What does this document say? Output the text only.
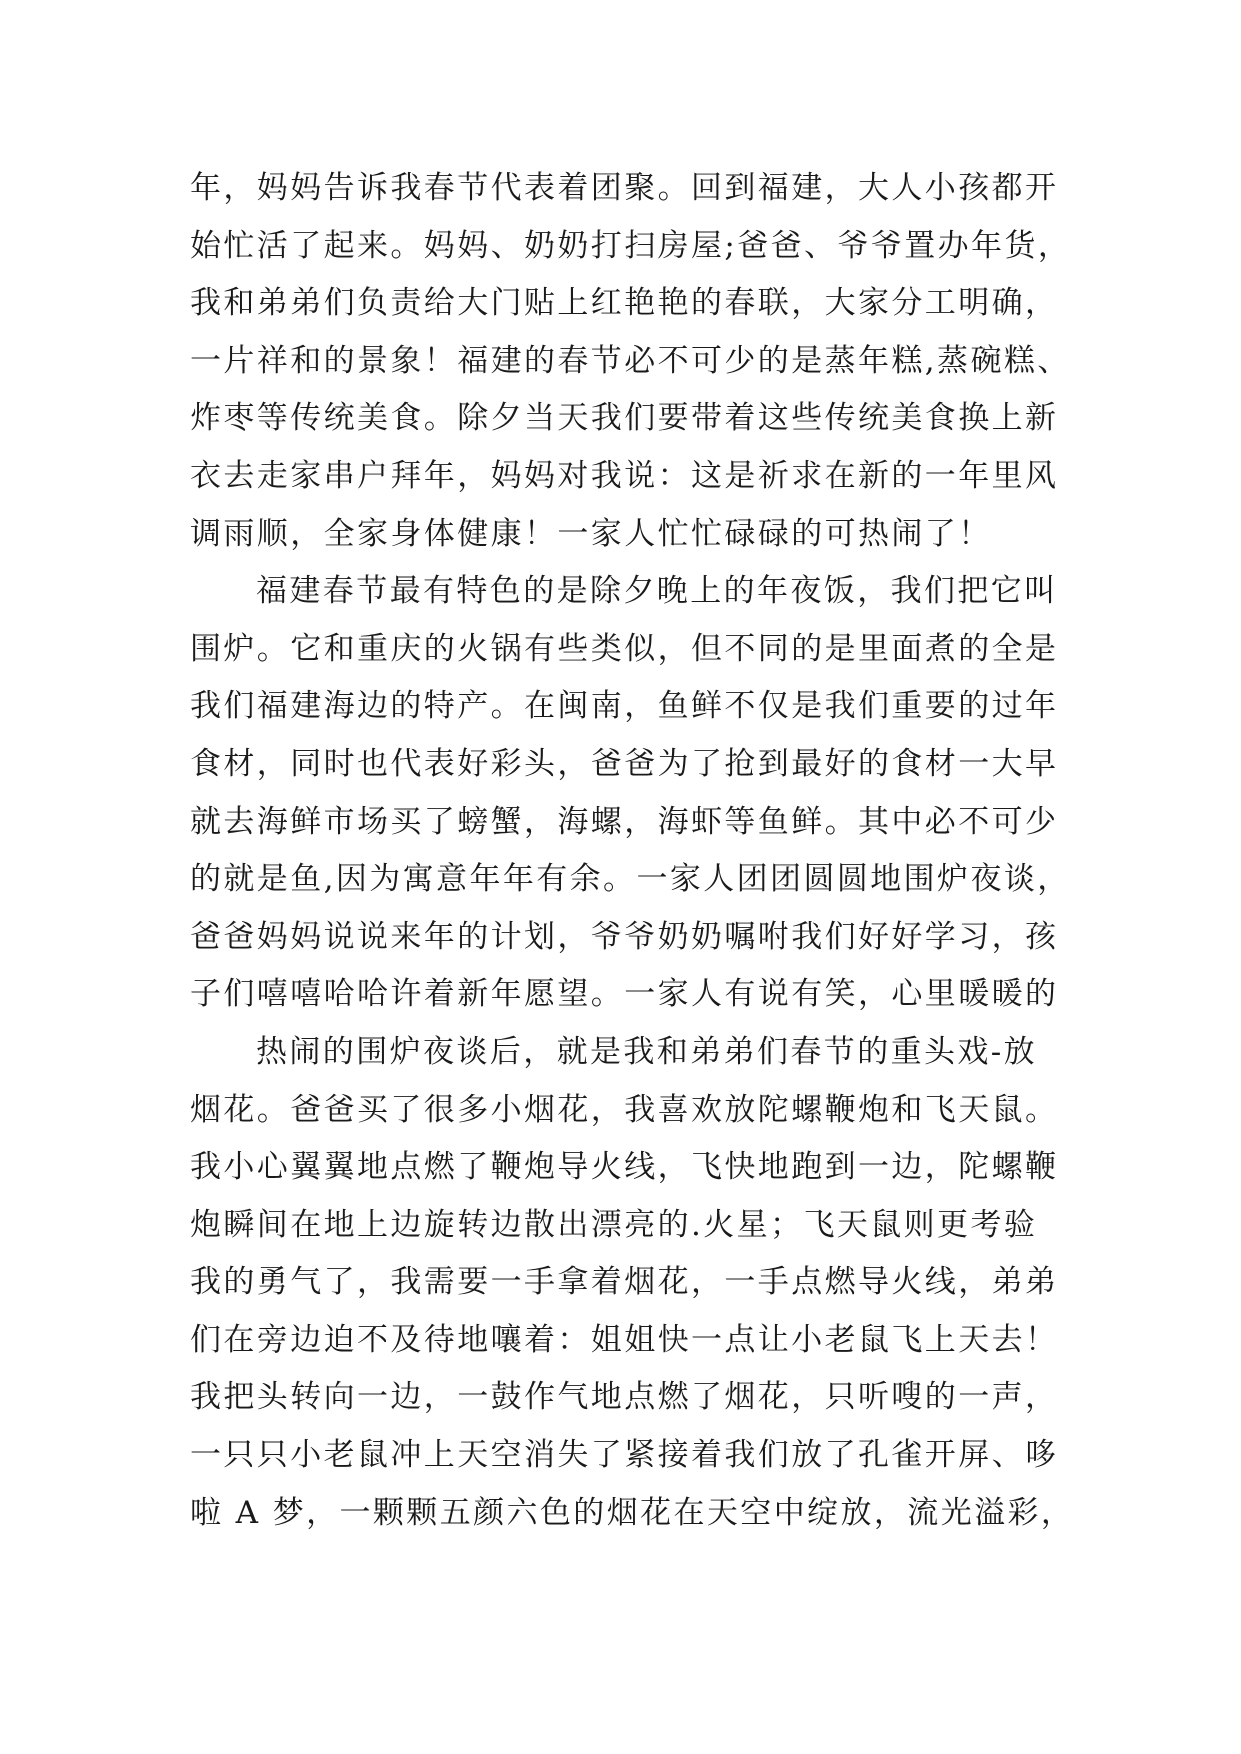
年，妈妈告诉我春节代表着团聚。回到福建，大人小孩都开
始忙活了起来。妈妈、奶奶打扫房屋;爸爸、爷爷置办年货，
我和弟弟们负责给大门贴上红艳艳的春联，大家分工明确，
一片祥和的景象！福建的春节必不可少的是蒸年糕,蒸碗糕、
炸枣等传统美食。除夕当天我们要带着这些传统美食换上新
衣去走家串户拜年，妈妈对我说：这是祈求在新的一年里风
调雨顺，全家身体健康！一家人忙忙碌碌的可热闹了！
福建春节最有特色的是除夕晚上的年夜饭，我们把它叫
围炉。它和重庆的火锅有些类似，但不同的是里面煮的全是
我们福建海边的特产。在闽南，鱼鲜不仅是我们重要的过年
食材，同时也代表好彩头，爸爸为了抢到最好的食材一大早
就去海鲜市场买了螃蟹，海螺，海虾等鱼鲜。其中必不可少
的就是鱼,因为寓意年年有余。一家人团团圆圆地围炉夜谈，
爸爸妈妈说说来年的计划，爷爷奶奶嘱咐我们好好学习，孩
子们嘻嘻哈哈许着新年愿望。一家人有说有笑，心里暖暖的
热闹的围炉夜谈后，就是我和弟弟们春节的重头戏-放
烟花。爸爸买了很多小烟花，我喜欢放陀螺鞭炮和飞天鼠。
我小心翼翼地点燃了鞭炮导火线，飞快地跑到一边，陀螺鞭
炮瞬间在地上边旋转边散出漂亮的.火星；飞天鼠则更考验
我的勇气了，我需要一手拿着烟花，一手点燃导火线，弟弟
们在旁边迫不及待地嚷着：姐姐快一点让小老鼠飞上天去！
我把头转向一边，一鼓作气地点燃了烟花，只听嗖的一声，
一只只小老鼠冲上天空消失了紧接着我们放了孔雀开屏、哆
啦 A 梦，一颗颗五颜六色的烟花在天空中绽放，流光溢彩，
